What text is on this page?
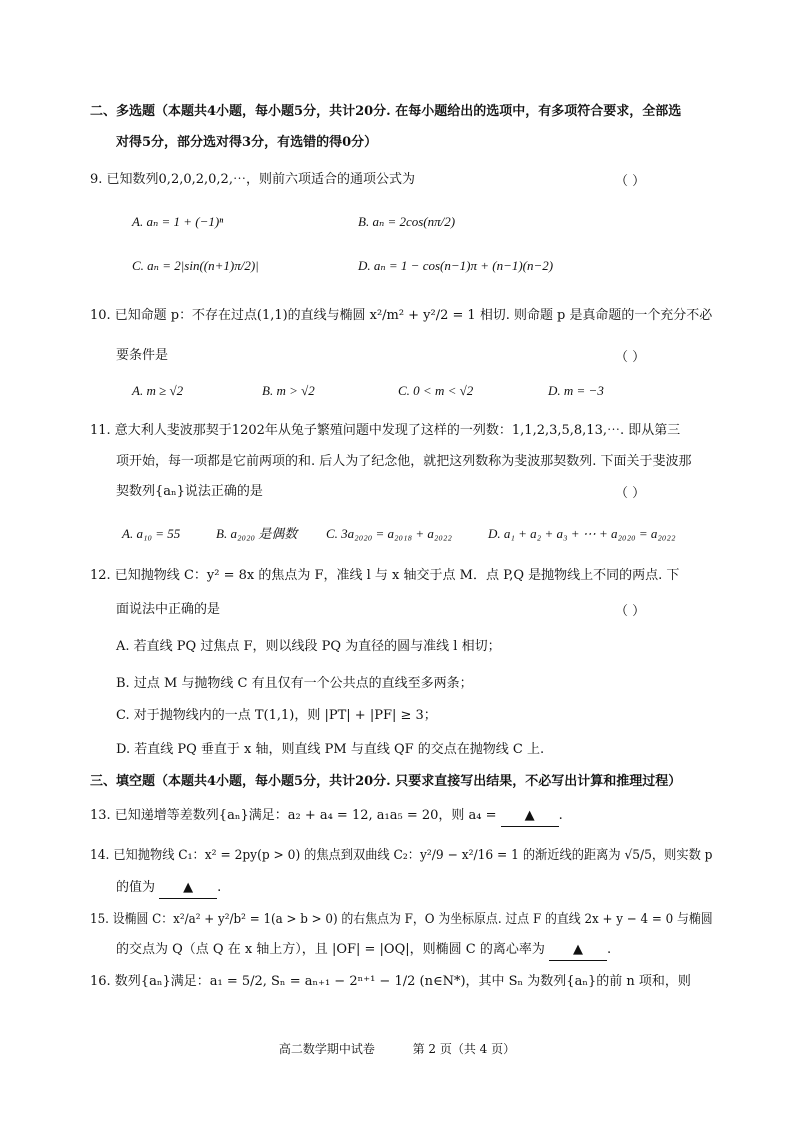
二、多选题（本题共4小题，每小题5分，共计20分. 在每小题给出的选项中，有多项符合要求，全部选
对得5分，部分选对得3分，有选错的得0分）
9. 已知数列0,2,0,2,0,2,⋯，则前六项适合的通项公式为	（ ）
A. aₙ = 1 + (−1)ⁿ	B. aₙ = 2cos(nπ/2)
C. aₙ = 2|sin((n+1)π/2)|	D. aₙ = 1 − cos(n−1)π + (n−1)(n−2)
10. 已知命题 p：不存在过点(1,1)的直线与椭圆 x²/m² + y²/2 = 1 相切. 则命题 p 是真命题的一个充分不必
要条件是	（ ）
A. m ≥ √2	B. m > √2	C. 0 < m < √2	D. m = −3
11. 意大利人斐波那契于1202年从兔子繁殖问题中发现了这样的一列数：1,1,2,3,5,8,13,⋯. 即从第三
项开始，每一项都是它前两项的和. 后人为了纪念他，就把这列数称为斐波那契数列. 下面关于斐波那
契数列{aₙ}说法正确的是	（ ）
A. a₁₀ = 55	B. a₂₀₂₀ 是偶数 C. 3a₂₀₂₀ = a₂₀₁₈ + a₂₀₂₂	D. a₁ + a₂ + a₃ + ⋯ + a₂₀₂₀ = a₂₀₂₂
12. 已知抛物线 C：y² = 8x 的焦点为 F，准线 l 与 x 轴交于点 M．点 P,Q 是抛物线上不同的两点. 下
面说法中正确的是	（ ）
A. 若直线 PQ 过焦点 F，则以线段 PQ 为直径的圆与准线 l 相切；
B. 过点 M 与抛物线 C 有且仅有一个公共点的直线至多两条；
C. 对于抛物线内的一点 T(1,1)，则 |PT| + |PF| ≥ 3；
D. 若直线 PQ 垂直于 x 轴，则直线 PM 与直线 QF 的交点在抛物线 C 上.
三、填空题（本题共4小题，每小题5分，共计20分. 只要求直接写出结果，不必写出计算和推理过程）
13. 已知递增等差数列{aₙ}满足：a₂ + a₄ = 12, a₁a₅ = 20，则 a₄ = ▲ .
14. 已知抛物线 C₁：x² = 2py(p > 0) 的焦点到双曲线 C₂：y²/9 − x²/16 = 1 的渐近线的距离为 √5/5，则实数 p
的值为 ▲ .
15. 设椭圆 C：x²/a² + y²/b² = 1(a > b > 0) 的右焦点为 F，O 为坐标原点. 过点 F 的直线 2x + y − 4 = 0 与椭圆
的交点为 Q（点 Q 在 x 轴上方），且 |OF| = |OQ|，则椭圆 C 的离心率为 ▲ .
16. 数列{aₙ}满足：a₁ = 5/2, Sₙ = aₙ₊₁ − 2ⁿ⁺¹ − 1/2 (n∈N*)，其中 Sₙ 为数列{aₙ}的前 n 项和，则
高二数学期中试卷	第 2 页（共 4 页）
